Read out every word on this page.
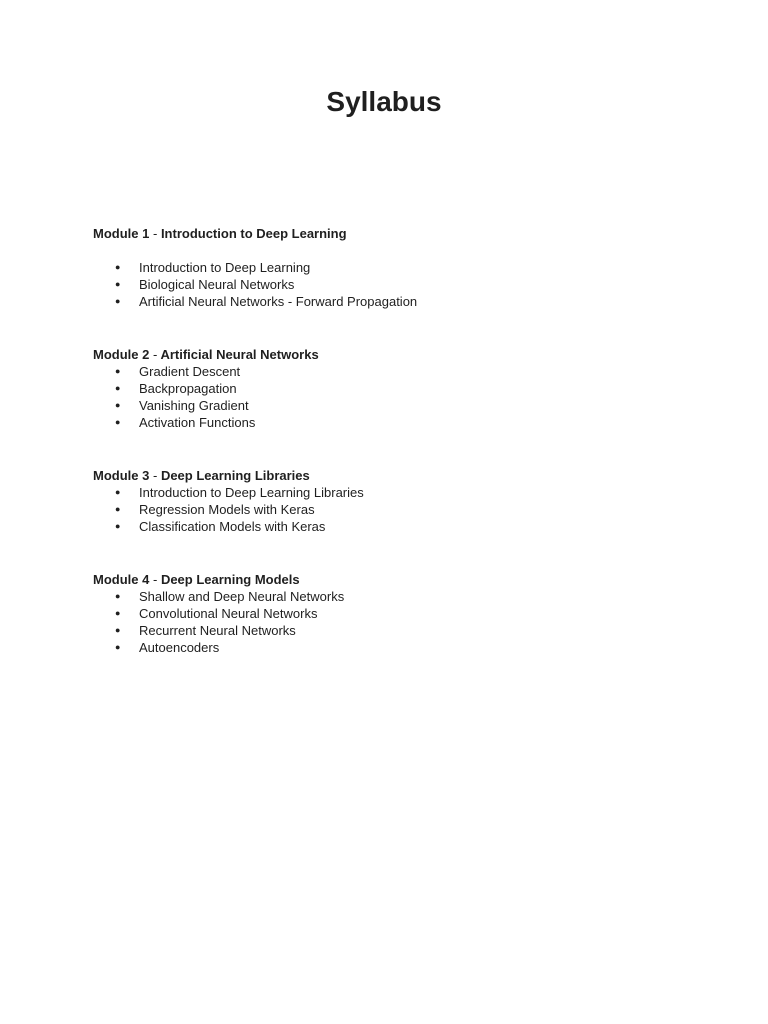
Syllabus

Module 1 - Introduction to Deep Learning

● Introduction to Deep Learning
● Biological Neural Networks
● Artificial Neural Networks - Forward Propagation

Module 2 - Artificial Neural Networks

● Gradient Descent
● Backpropagation
● Vanishing Gradient
● Activation Functions

Module 3 - Deep Learning Libraries

● Introduction to Deep Learning Libraries
● Regression Models with Keras
● Classification Models with Keras

Module 4 - Deep Learning Models

● Shallow and Deep Neural Networks
● Convolutional Neural Networks
● Recurrent Neural Networks
● Autoencoders
